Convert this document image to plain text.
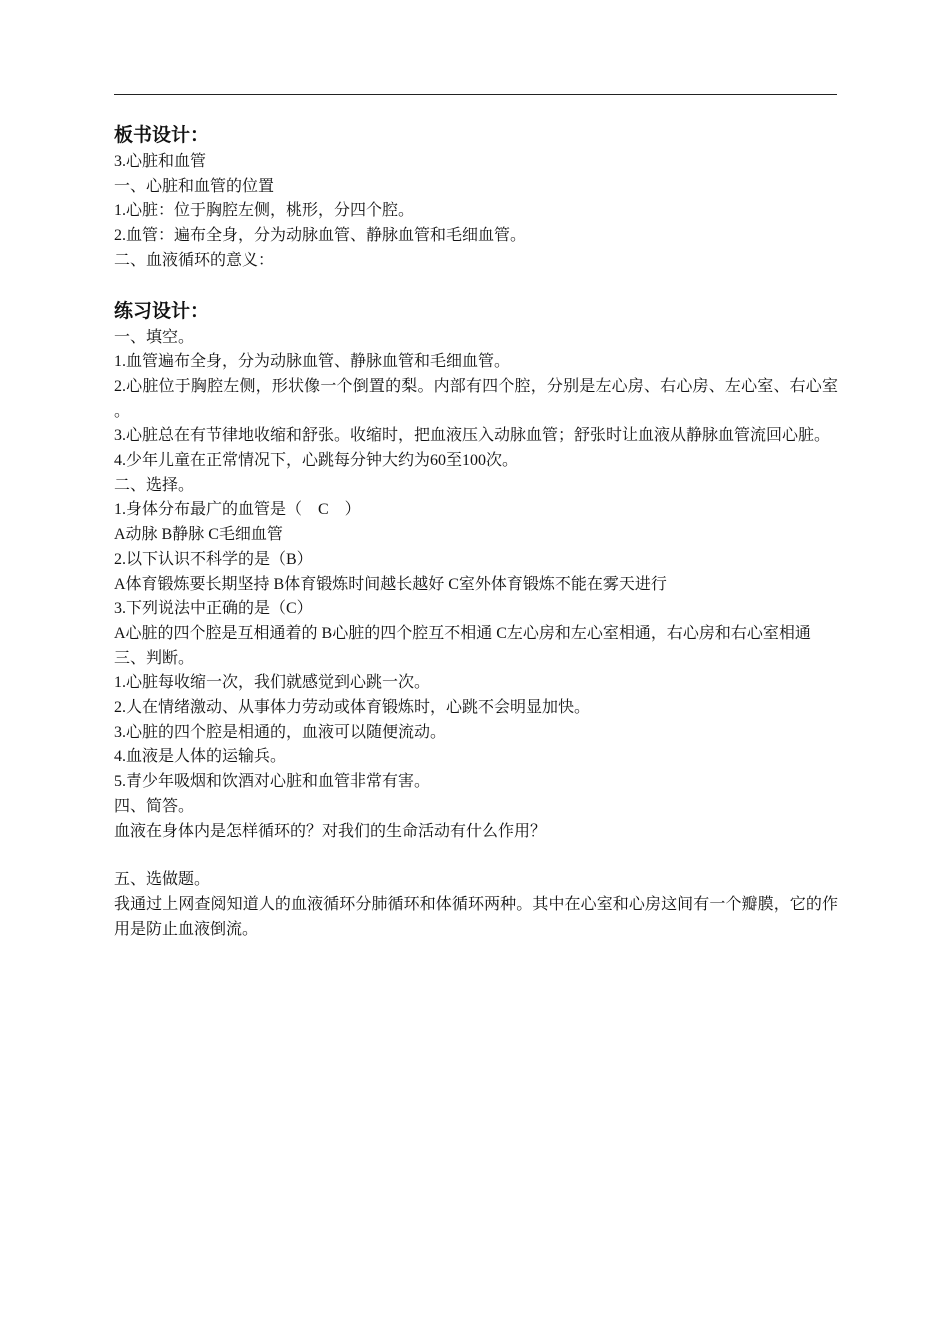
板书设计：

3.心脏和血管

一、心脏和血管的位置

1.心脏：位于胸腔左侧，桃形，分四个腔。

2.血管：遍布全身，分为动脉血管、静脉血管和毛细血管。

二、血液循环的意义：

练习设计：

一、填空。

1.血管遍布全身，分为动脉血管、静脉血管和毛细血管。

2.心脏位于胸腔左侧，形状像一个倒置的梨。内部有四个腔，分别是左心房、右心房、左心室、右心室 。

3.心脏总在有节律地收缩和舒张。收缩时，把血液压入动脉血管；舒张时让血液从静脉血管流回心脏。

4.少年儿童在正常情况下，心跳每分钟大约为60至100次。

二、选择。

1.身体分布最广的血管是（　C　）

A动脉 B静脉 C毛细血管

2.以下认识不科学的是（B）

A体育锻炼要长期坚持 B体育锻炼时间越长越好 C室外体育锻炼不能在雾天进行

3.下列说法中正确的是（C）

A心脏的四个腔是互相通着的 B心脏的四个腔互不相通 C左心房和左心室相通，右心房和右心室相通

三、判断。

1.心脏每收缩一次，我们就感觉到心跳一次。

2.人在情绪激动、从事体力劳动或体育锻炼时，心跳不会明显加快。

3.心脏的四个腔是相通的，血液可以随便流动。

4.血液是人体的运输兵。

5.青少年吸烟和饮酒对心脏和血管非常有害。

四、简答。

血液在身体内是怎样循环的？对我们的生命活动有什么作用？

五、选做题。

我通过上网查阅知道人的血液循环分肺循环和体循环两种。其中在心室和心房这间有一个瓣膜，它的作用是防止血液倒流。
